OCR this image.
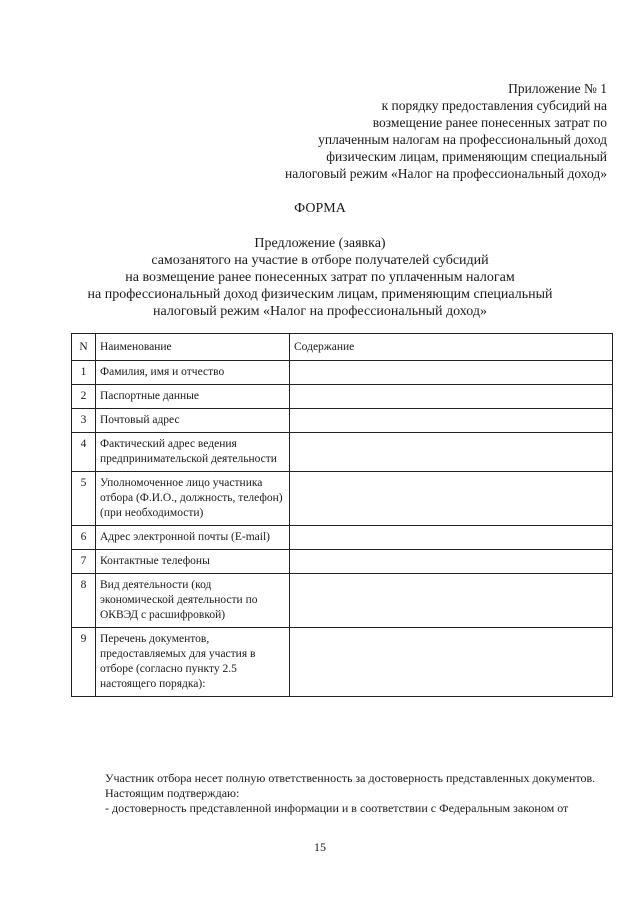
Приложение № 1
к порядку предоставления субсидий на
возмещение ранее понесенных затрат по
уплаченным налогам на профессиональный доход
физическим лицам, применяющим специальный
налоговый режим «Налог на профессиональный доход»
ФОРМА
Предложение (заявка)
самозанятого на участие в отборе получателей субсидий
на возмещение ранее понесенных затрат по уплаченным налогам
на профессиональный доход физическим лицам, применяющим специальный
налоговый режим «Налог на профессиональный доход»
N	Наименование	Содержание
1	Фамилия, имя и отчество	
2	Паспортные данные	
3	Почтовый адрес	
4	Фактический адрес ведения предпринимательской деятельности	
5	Уполномоченное лицо участника отбора (Ф.И.О., должность, телефон)
(при необходимости)	
6	Адрес электронной почты (E-mail)	
7	Контактные телефоны	
8	Вид деятельности (код экономической деятельности по ОКВЭД с расшифровкой)	
9	Перечень документов, предоставляемых для участия в отборе (согласно пункту 2.5 настоящего порядка):	

Участник отбора несет полную ответственность за достоверность представленных документов.

Настоящим подтверждаю:

- достоверность представленной информации и в соответствии с Федеральным законом от

15
